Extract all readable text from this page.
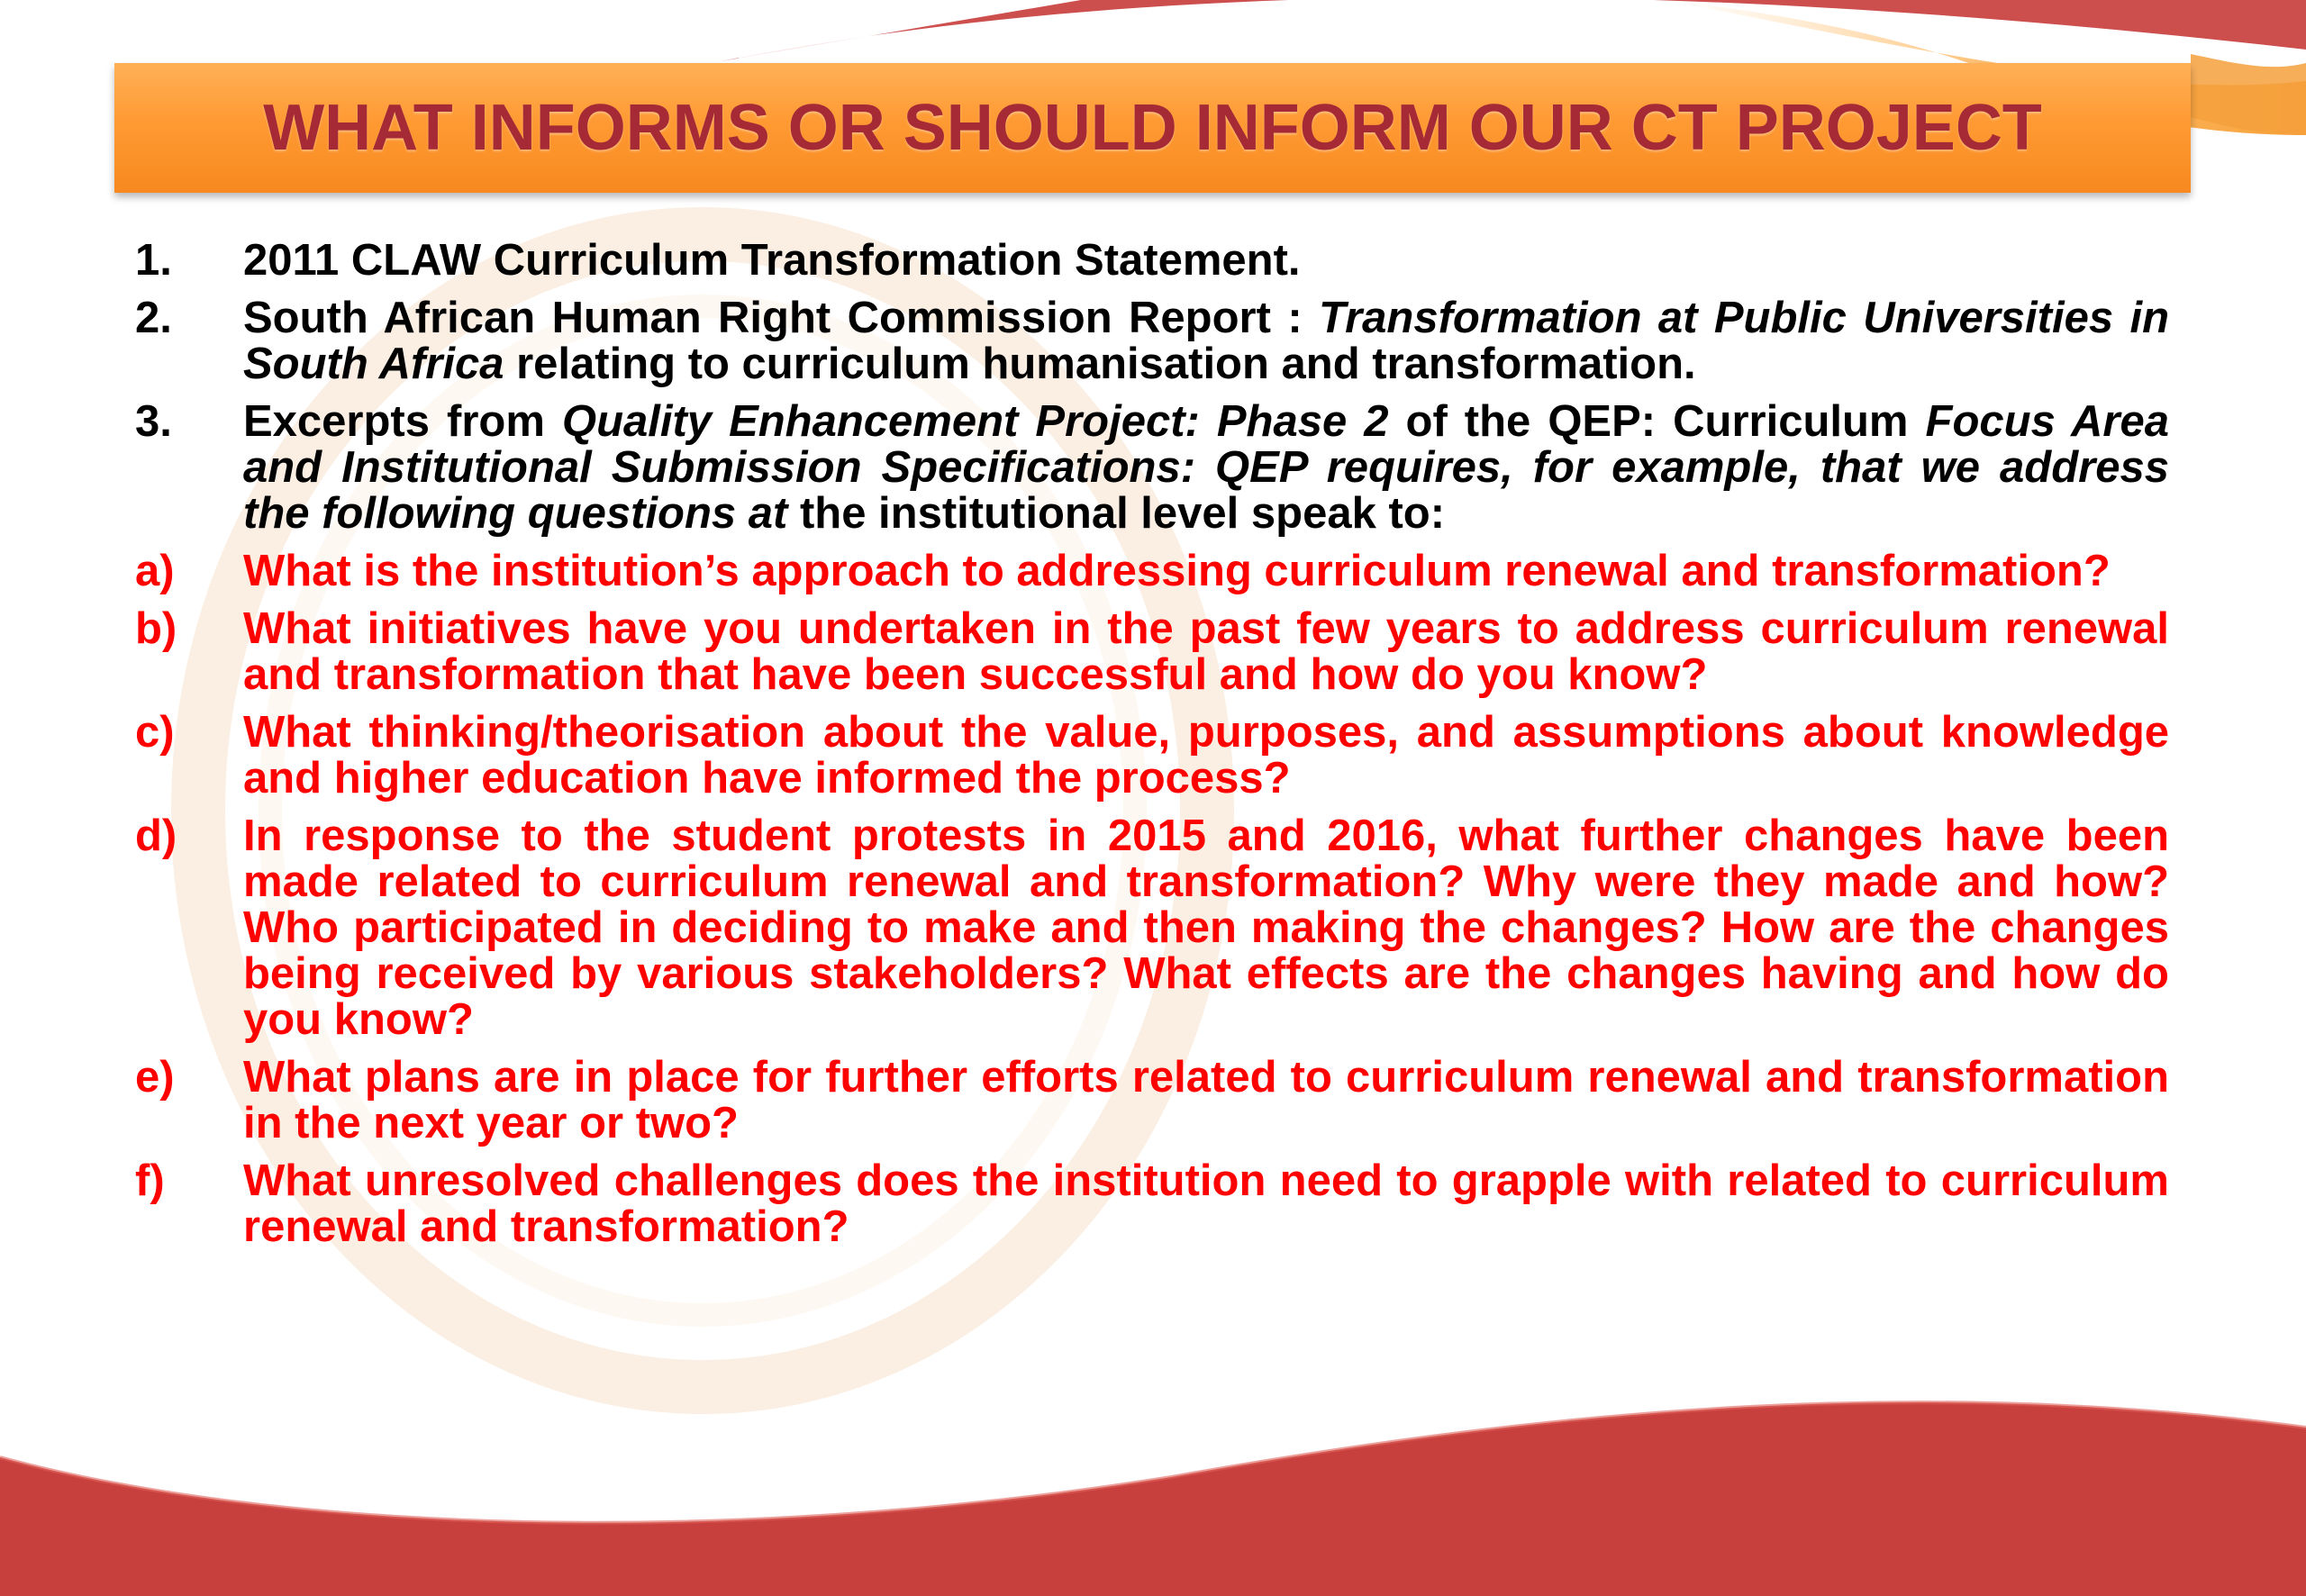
WHAT INFORMS OR SHOULD INFORM OUR CT PROJECT
1.	2011 CLAW Curriculum Transformation Statement.
2.	South African Human Right Commission Report : Transformation at Public Universities in South Africa relating to curriculum humanisation and transformation.
3.	Excerpts from Quality Enhancement Project: Phase 2 of the QEP: Curriculum Focus Area and Institutional Submission Specifications: QEP requires, for example, that we address the following questions at the institutional level speak to:
a)	What is the institution’s approach to addressing curriculum renewal and transformation?
b)	What initiatives have you undertaken in the past few years to address curriculum renewal and transformation that have been successful and how do you know?
c)	What thinking/theorisation about the value, purposes, and assumptions about knowledge and higher education have informed the process?
d)	In response to the student protests in 2015 and 2016, what further changes have been made related to curriculum renewal and transformation? Why were they made and how? Who participated in deciding to make and then making the changes? How are the changes being received by various stakeholders? What effects are the changes having and how do you know?
e)	What plans are in place for further efforts related to curriculum renewal and transformation in the next year or two?
f)	What unresolved challenges does the institution need to grapple with related to curriculum renewal and transformation?
